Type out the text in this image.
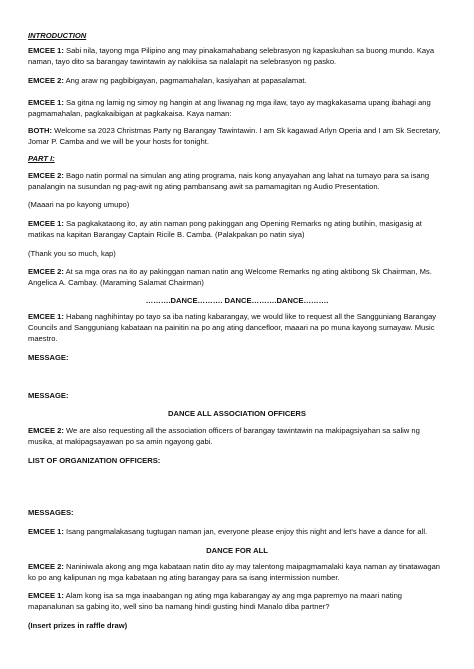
INTRODUCTION

EMCEE 1: Sabi nila, tayong mga Pilipino ang may pinakamahabang selebrasyon ng kapaskuhan sa buong mundo. Kaya naman, tayo dito sa barangay tawintawin ay nakikiisa sa nalalapit na selebrasyon ng pasko.

EMCEE 2: Ang araw ng pagbibigayan, pagmamahalan, kasiyahan at papasalamat.

EMCEE 1: Sa gitna ng lamig ng simoy ng hangin at ang liwanag ng mga ilaw, tayo ay magkakasama upang ibahagi ang pagmamahalan, pagkakaibigan at pagkakaisa. Kaya naman:

BOTH: Welcome sa 2023 Christmas Party ng Barangay Tawintawin. I am Sk kagawad Arlyn Operia and I am Sk Secretary, Jomar P. Camba and we will be your hosts for tonight.

PART I:

EMCEE 2: Bago natin pormal na simulan ang ating programa, nais kong anyayahan ang lahat na tumayo para sa isang panalangin na susundan ng pag-awit ng ating pambansang awit sa pamamagitan ng Audio Presentation.

(Maaari na po kayong umupo)

EMCEE 1: Sa pagkakataong ito, ay atin naman pong pakinggan ang Opening Remarks ng ating butihin, masigasig at matikas na kapitan Barangay Captain Ricile B. Camba. (Palakpakan po natin siya)

(Thank you so much, kap)

EMCEE 2: At sa mga oras na ito ay pakinggan naman natin ang Welcome Remarks ng ating aktibong Sk Chairman, Ms. Angelica A. Cambay. (Maraming Salamat Chairman)

……….DANCE………. DANCE……….DANCE……….

EMCEE 1: Habang naghihintay po tayo sa iba nating kabarangay, we would like to request all the Sangguniang Barangay Councils and Sangguniang kabataan na painitin na po ang ating dancefloor, maaari na po muna kayong sumayaw. Music maestro.

MESSAGE:

MESSAGE:

DANCE ALL ASSOCIATION OFFICERS

EMCEE 2: We are also requesting all the association officers of barangay tawintawin na makipagsiyahan sa saliw ng musika, at makipagsayawan po sa amin ngayong gabi.

LIST OF ORGANIZATION OFFICERS:

MESSAGES:

EMCEE 1: Isang pangmalakasang tugtugan naman jan, everyone please enjoy this night and let's have a dance for all.

DANCE FOR ALL

EMCEE 2: Naniniwala akong ang mga kabataan natin dito ay may talentong maipagmamalaki kaya naman ay tinatawagan ko po ang kalipunan ng mga kabataan ng ating barangay para sa isang intermission number.

EMCEE 1: Alam kong isa sa mga inaabangan ng ating mga kabarangay ay ang mga papremyo na maari nating mapanalunan sa gabing ito, well sino ba namang hindi gusting hindi Manalo diba partner?

(Insert prizes in raffle draw)
